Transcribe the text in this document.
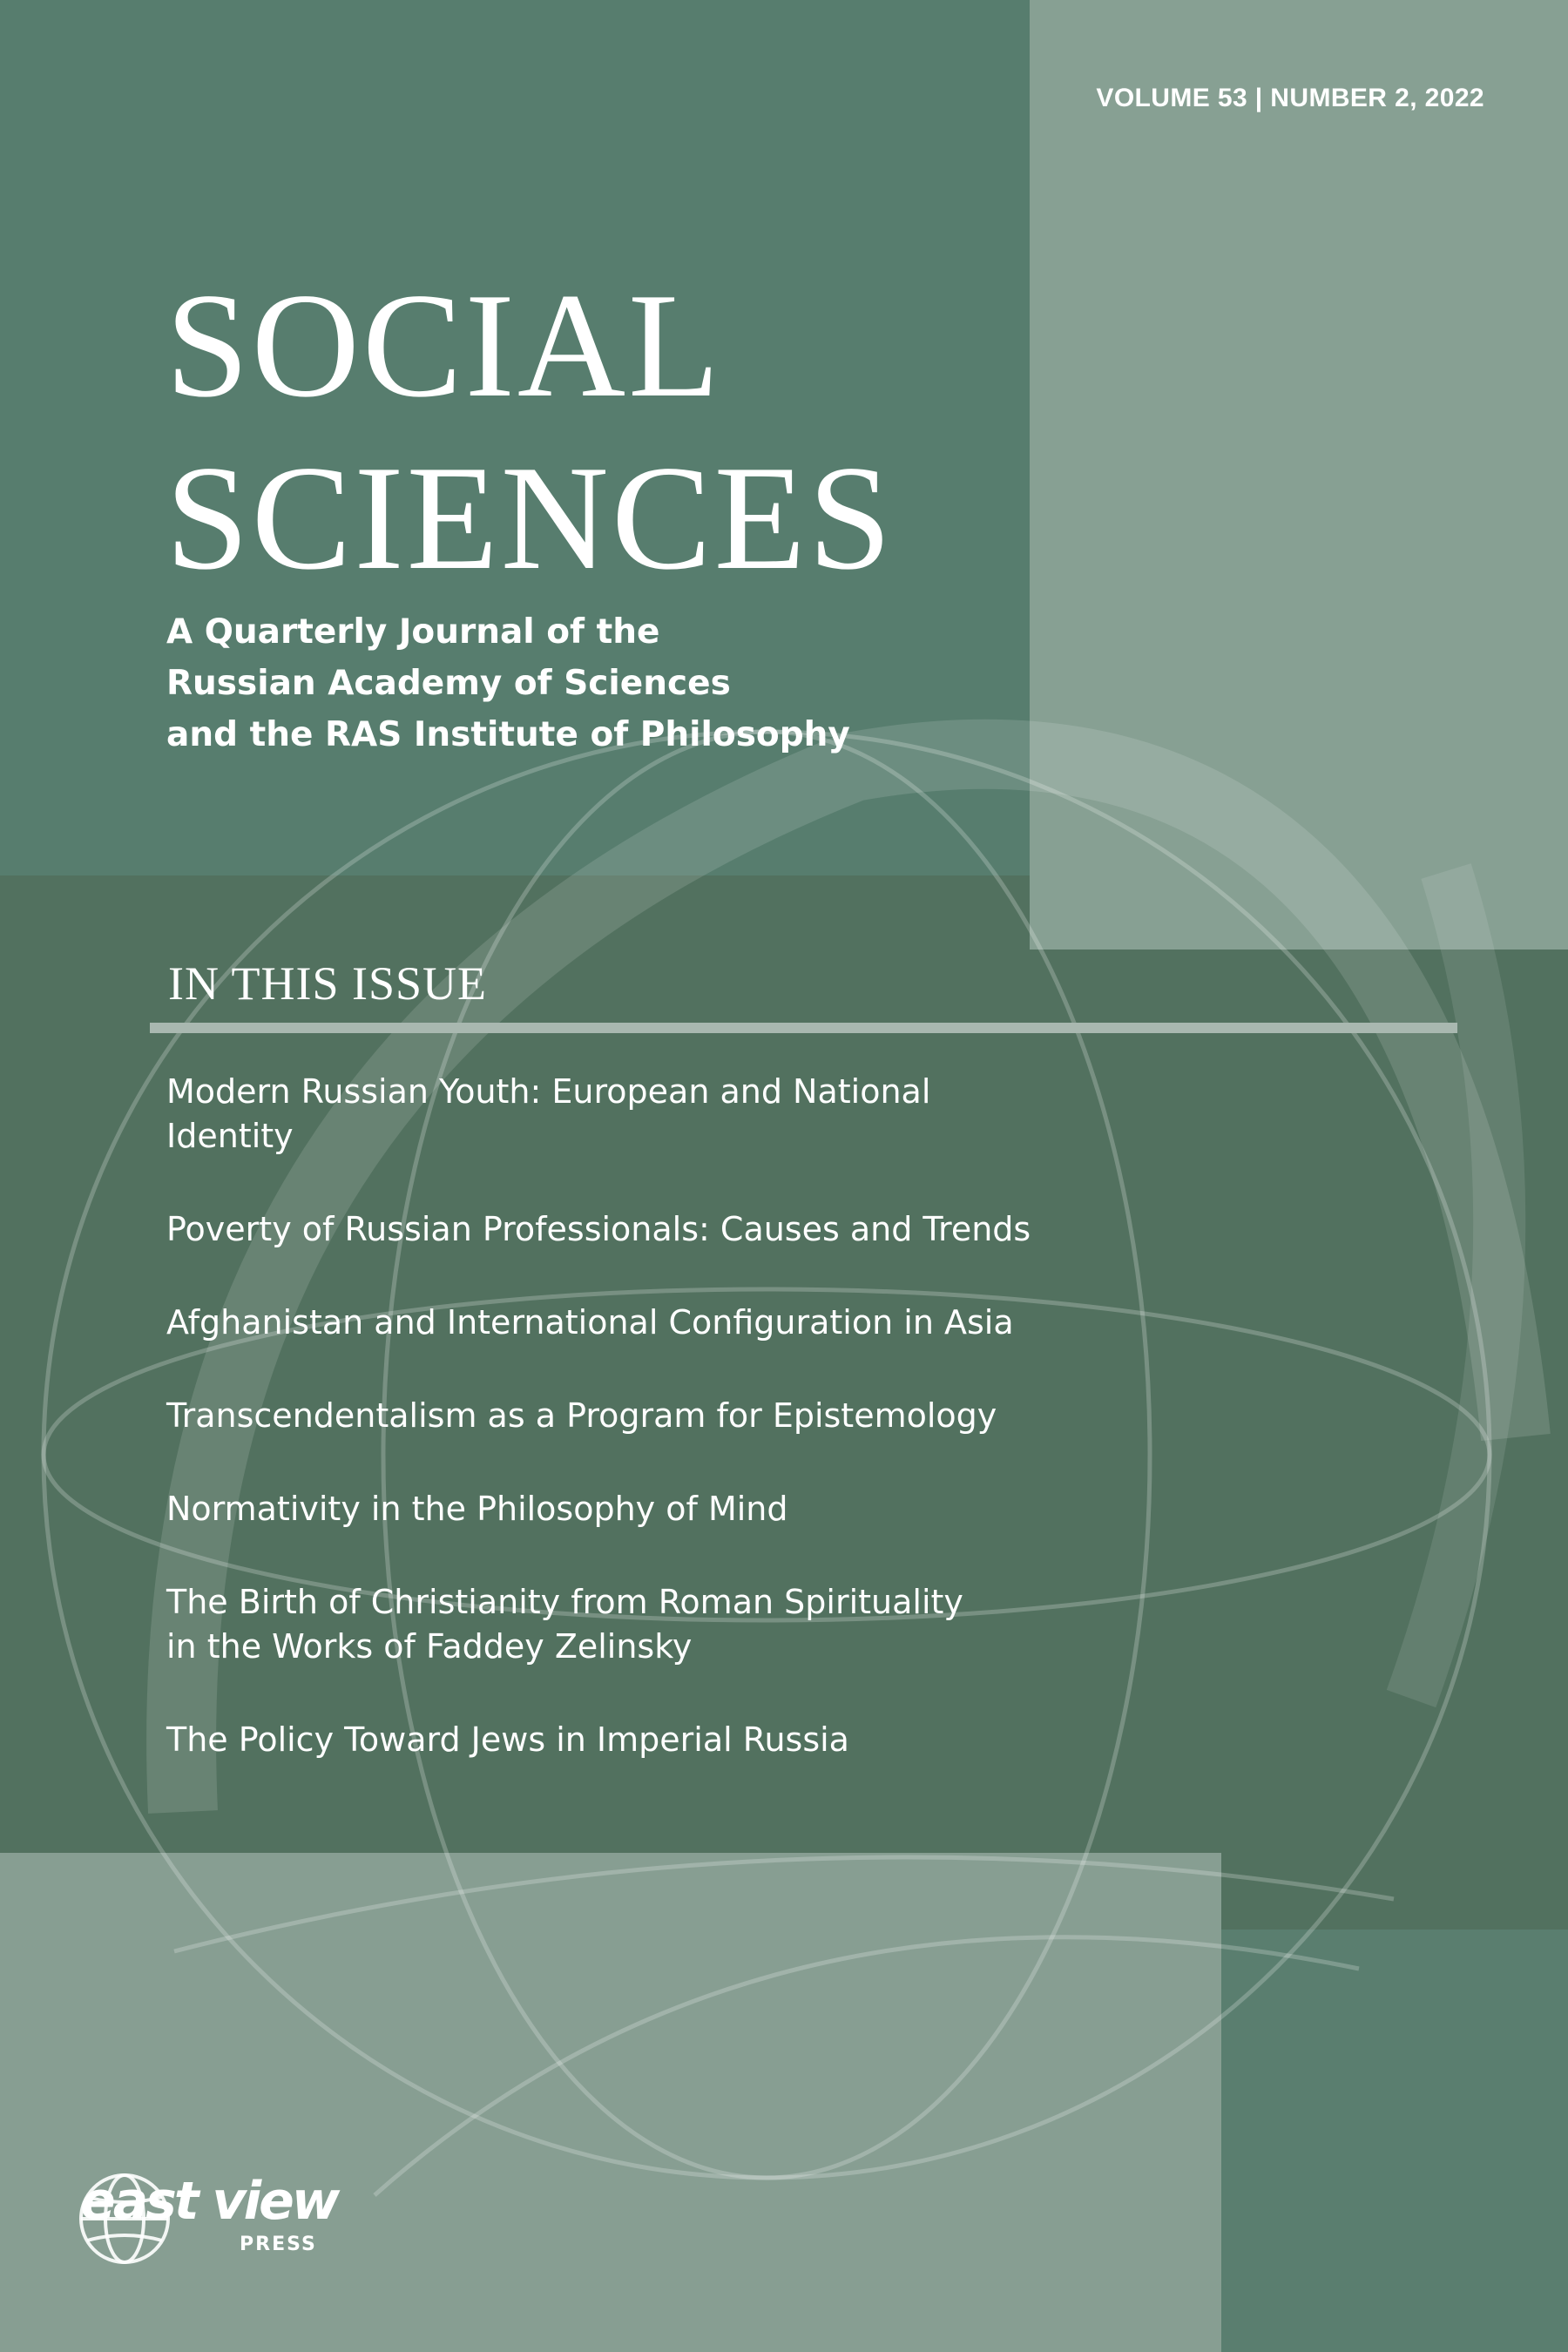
VOLUME 53 | NUMBER 2, 2022

SOCIAL
SCIENCES

A Quarterly Journal of the
Russian Academy of Sciences
and the RAS Institute of Philosophy

IN THIS ISSUE
Modern Russian Youth: European and National
Identity
Poverty of Russian Professionals: Causes and Trends
Afghanistan and International Configuration in Asia
Transcendentalism as a Program for Epistemology
Normativity in the Philosophy of Mind
The Birth of Christianity from Roman Spirituality
in the Works of Faddey Zelinsky
The Policy Toward Jews in Imperial Russia

east view

PRESS
